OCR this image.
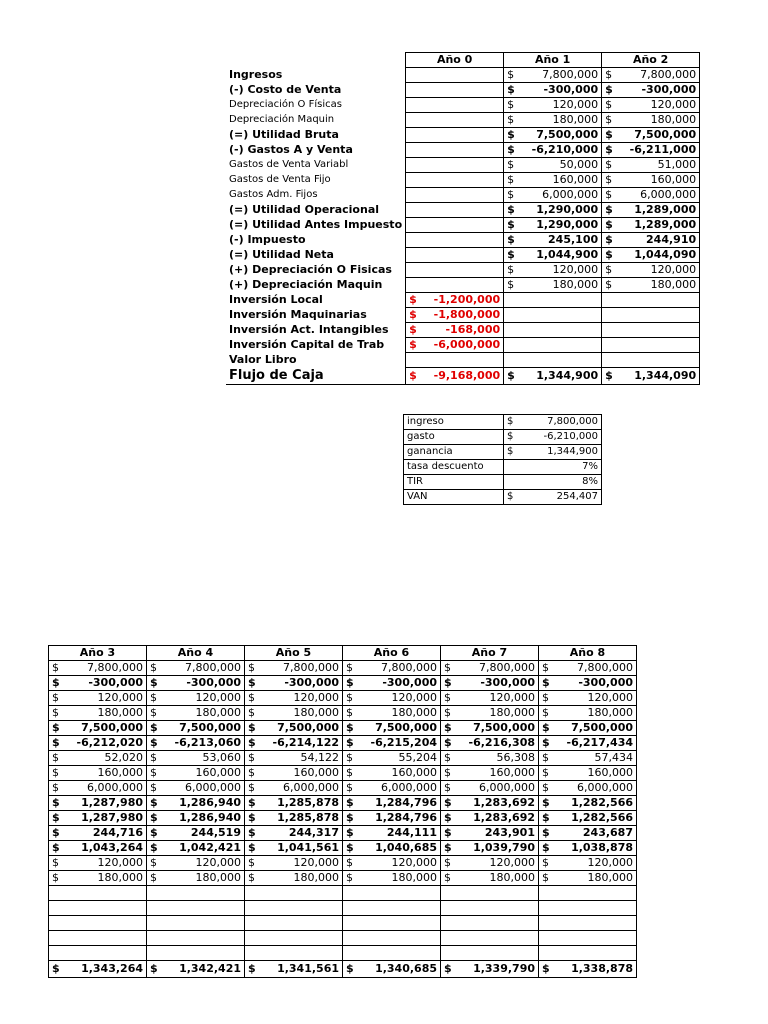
	Año 0	Año 1	Año 2
Ingresos		$ 7,800,000	$ 7,800,000

(-) Costo de Venta		$ -300,000	$ -300,000

Depreciación O Físicas		$ 120,000	$ 120,000

Depreciación Maquin		$ 180,000	$ 180,000

(=) Utilidad Bruta		$ 7,500,000	$ 7,500,000

(-) Gastos A y Venta		$ -6,210,000	$ -6,211,000

Gastos de Venta Variabl		$ 50,000	$ 51,000

Gastos de Venta Fijo		$ 160,000	$ 160,000

Gastos Adm. Fijos		$ 6,000,000	$ 6,000,000

(=) Utilidad Operacional		$ 1,290,000	$ 1,289,000

(=) Utilidad Antes Impuesto		$ 1,290,000	$ 1,289,000

(-) Impuesto		$ 245,100	$ 244,910

(=) Utilidad Neta		$ 1,044,900	$ 1,044,090

(+) Depreciación O Fisicas		$ 120,000	$ 120,000

(+) Depreciación Maquin		$ 180,000	$ 180,000

Inversión Local	$ -1,200,000		

Inversión Maquinarias	$ -1,800,000		

Inversión Act. Intangibles	$ -168,000		

Inversión Capital de Trab	$ -6,000,000		

Valor Libro			
Flujo de Caja	$ -9,168,000	$ 1,344,900	$ 1,344,090
ingreso	$ 7,800,000

gasto	$ -6,210,000

ganancia	$ 1,344,900

tasa descuento	7%
TIR	8%
VAN	$ 254,407
Año 3	Año 4	Año 5	Año 6	Año 7	Año 8

$ 7,800,000	$ 7,800,000	$ 7,800,000	$ 7,800,000	$ 7,800,000	$ 7,800,000

$ -300,000	$ -300,000	$ -300,000	$ -300,000	$ -300,000	$ -300,000

$ 120,000	$ 120,000	$ 120,000	$ 120,000	$ 120,000	$ 120,000

$ 180,000	$ 180,000	$ 180,000	$ 180,000	$ 180,000	$ 180,000

$ 7,500,000	$ 7,500,000	$ 7,500,000	$ 7,500,000	$ 7,500,000	$ 7,500,000

$ -6,212,020	$ -6,213,060	$ -6,214,122	$ -6,215,204	$ -6,216,308	$ -6,217,434

$ 52,020	$ 53,060	$ 54,122	$ 55,204	$ 56,308	$ 57,434

$ 160,000	$ 160,000	$ 160,000	$ 160,000	$ 160,000	$ 160,000

$ 6,000,000	$ 6,000,000	$ 6,000,000	$ 6,000,000	$ 6,000,000	$ 6,000,000

$ 1,287,980	$ 1,286,940	$ 1,285,878	$ 1,284,796	$ 1,283,692	$ 1,282,566

$ 1,287,980	$ 1,286,940	$ 1,285,878	$ 1,284,796	$ 1,283,692	$ 1,282,566

$ 244,716	$ 244,519	$ 244,317	$ 244,111	$ 243,901	$ 243,687

$ 1,043,264	$ 1,042,421	$ 1,041,561	$ 1,040,685	$ 1,039,790	$ 1,038,878

$ 120,000	$ 120,000	$ 120,000	$ 120,000	$ 120,000	$ 120,000

$ 180,000	$ 180,000	$ 180,000	$ 180,000	$ 180,000	$ 180,000

$ 1,343,264	$ 1,342,421	$ 1,341,561	$ 1,340,685	$ 1,339,790	$ 1,338,878
